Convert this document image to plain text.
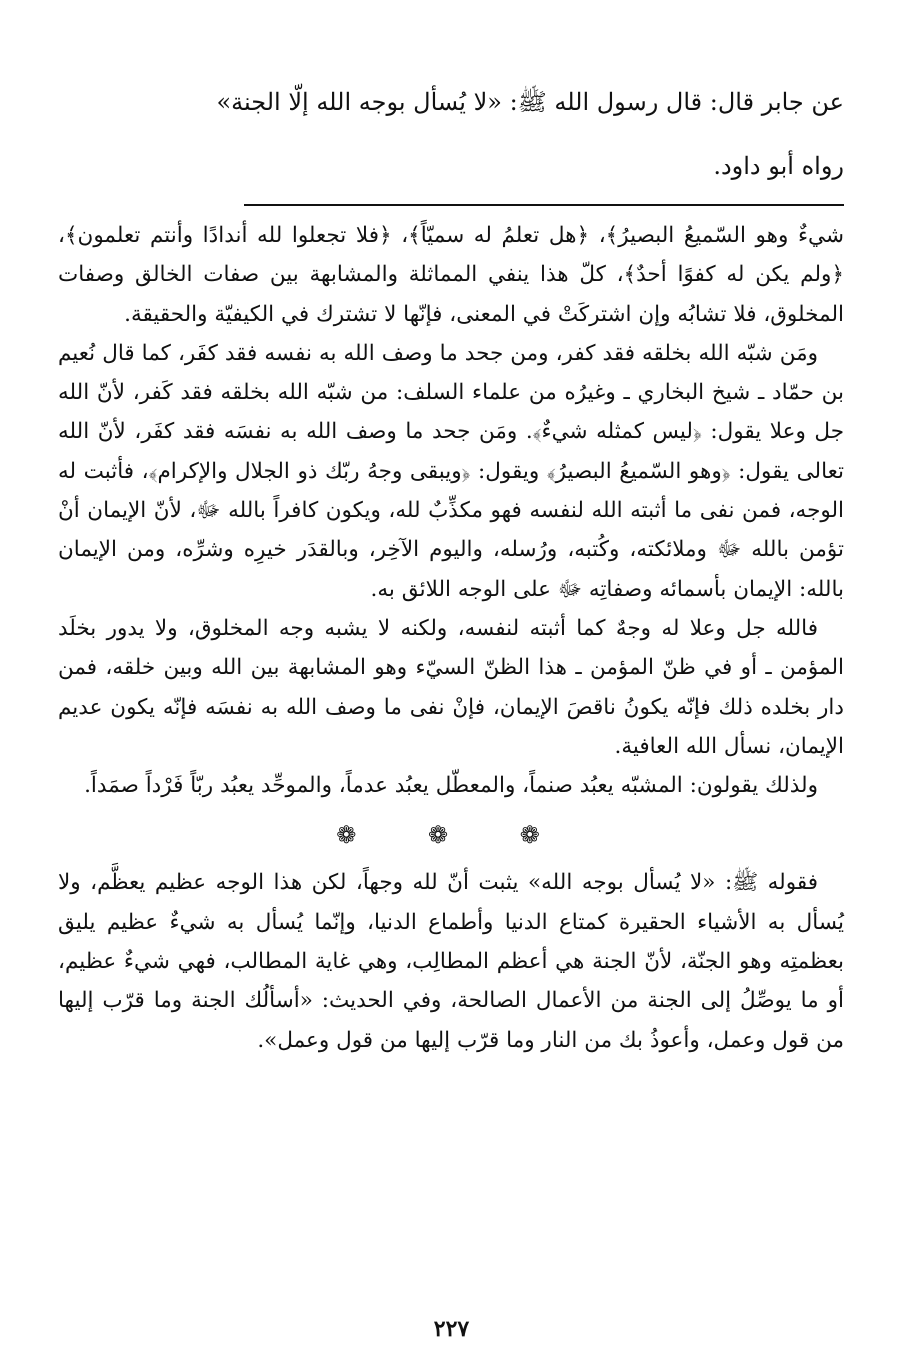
عن جابر قال: قال رسول الله ﷺ: «لا يُسأل بوجه الله إلّا الجنة»
رواه أبو داود.

شيءٌ وهو السّميعُ البصيرُ﴾، ﴿هل تعلمُ له سميّاً﴾، ﴿فلا تجعلوا لله أندادًا وأنتم تعلمون﴾، ﴿ولم يكن له كفوًا أحدٌ﴾، كلّ هذا ينفي المماثلة والمشابهة بين صفات الخالق وصفات المخلوق، فلا تشابُه وإن اشتركَتْ في المعنى، فإنّها لا تشترك في الكيفيّة والحقيقة.

ومَن شبّه الله بخلقه فقد كفر، ومن جحد ما وصف الله به نفسه فقد كفَر، كما قال نُعيم بن حمّاد ـ شيخ البخاري ـ وغيرُه من علماء السلف: من شبّه الله بخلقه فقد كَفر، لأنّ الله جل وعلا يقول: ﴿ليس كمثله شيءٌ﴾. ومَن جحد ما وصف الله به نفسَه فقد كفَر، لأنّ الله تعالى يقول: ﴿وهو السّميعُ البصيرُ﴾ ويقول: ﴿ويبقى وجهُ ربّك ذو الجلال والإكرام﴾، فأثبت له الوجه، فمن نفى ما أثبته الله لنفسه فهو مكذِّبٌ لله، ويكون كافراً بالله ﷻ، لأنّ الإيمان أنْ تؤمن بالله ﷻ وملائكته، وكُتبه، ورُسله، واليوم الآخِر، وبالقدَر خيرِه وشرِّه، ومن الإيمان بالله: الإيمان بأسمائه وصفاتِه ﷻ على الوجه اللائق به.

فالله جل وعلا له وجهٌ كما أثبته لنفسه، ولكنه لا يشبه وجه المخلوق، ولا يدور بخلَد المؤمن ـ أو في ظنّ المؤمن ـ هذا الظنّ السيّء وهو المشابهة بين الله وبين خلقه، فمن دار بخلده ذلك فإنّه يكونُ ناقصَ الإيمان، فإنْ نفى ما وصف الله به نفسَه فإنّه يكون عديم الإيمان، نسأل الله العافية.

ولذلك يقولون: المشبّه يعبُد صنماً، والمعطّل يعبُد عدماً، والموحِّد يعبُد ربّاً فَرْداً صمَداً.

❁ ❁ ❁

فقوله ﷺ: «لا يُسأل بوجه الله» يثبت أنّ لله وجهاً، لكن هذا الوجه عظيم يعظَّم، ولا يُسأل به الأشياء الحقيرة كمتاع الدنيا وأطماع الدنيا، وإنّما يُسأل به شيءٌ عظيم يليق بعظمتِه وهو الجنّة، لأنّ الجنة هي أعظم المطالِب، وهي غاية المطالب، فهي شيءٌ عظيم، أو ما يوصِّلُ إلى الجنة من الأعمال الصالحة، وفي الحديث: «أسألُك الجنة وما قرّب إليها من قول وعمل، وأعوذُ بك من النار وما قرّب إليها من قول وعمل».

٢٢٧
